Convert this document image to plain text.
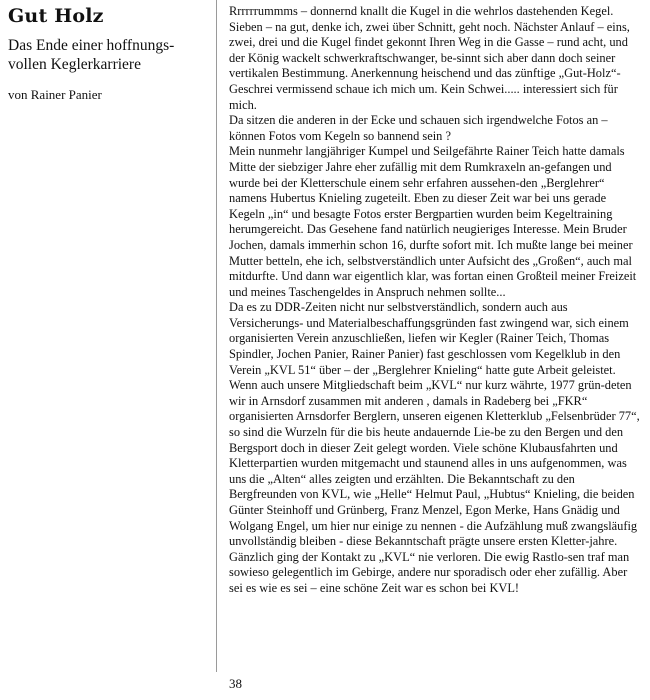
Gut Holz
Das Ende einer hoffnungs-vollen Keglerkarriere

von Rainer Panier

Rrrrrrummms – donnernd knallt die Kugel in die wehrlos dastehenden Kegel. Sieben – na gut, denke ich, zwei über Schnitt, geht noch. Nächster Anlauf – eins, zwei, drei und die Kugel findet gekonnt Ihren Weg in die Gasse – rund acht, und der König wackelt schwerkraftschwanger, be-sinnt sich aber dann doch seiner vertikalen Bestimmung. Anerkennung heischend und das zünftige „Gut-Holz“-Geschrei vermissend schaue ich mich um. Kein Schwei..... interessiert sich für mich.

Da sitzen die anderen in der Ecke und schauen sich irgendwelche Fotos an – können Fotos vom Kegeln so bannend sein ?

Mein nunmehr langjähriger Kumpel und Seilgefährte Rainer Teich hatte damals Mitte der siebziger Jahre eher zufällig mit dem Rumkraxeln an-gefangen und wurde bei der Kletterschule einem sehr erfahren aussehen-den „Berglehrer“ namens Hubertus Knieling zugeteilt. Eben zu dieser Zeit war bei uns gerade Kegeln „in“ und besagte Fotos erster Bergpartien wurden beim Kegeltraining herumgereicht. Das Gesehene fand natürlich neugieriges Interesse. Mein Bruder Jochen, damals immerhin schon 16, durfte sofort mit. Ich mußte lange bei meiner Mutter betteln, ehe ich, selbstverständlich unter Aufsicht des „Großen“, auch mal mitdurfte. Und dann war eigentlich klar, was fortan einen Großteil meiner Freizeit und meines Taschengeldes in Anspruch nehmen sollte...

Da es zu DDR-Zeiten nicht nur selbstverständlich, sondern auch aus Versicherungs- und Materialbeschaffungsgründen fast zwingend war, sich einem organisierten Verein anzuschließen, liefen wir Kegler (Rainer Teich, Thomas Spindler, Jochen Panier, Rainer Panier) fast geschlossen vom Kegelklub in den Verein „KVL 51“ über – der „Berglehrer Knieling“ hatte gute Arbeit geleistet.

Wenn auch unsere Mitgliedschaft beim „KVL“ nur kurz währte, 1977 grün-deten wir in Arnsdorf zusammen mit anderen , damals in Radeberg bei „FKR“ organisierten Arnsdorfer Berglern, unseren eigenen Kletterklub „Felsenbrüder 77“, so sind die Wurzeln für die bis heute andauernde Lie-be zu den Bergen und den Bergsport doch in dieser Zeit gelegt worden. Viele schöne Klubausfahrten und Kletterpartien wurden mitgemacht und staunend alles in uns aufgenommen, was uns die „Alten“ alles zeigten und erzählten. Die Bekanntschaft zu den Bergfreunden von KVL, wie „Helle“ Helmut Paul, „Hubtus“ Knieling, die beiden Günter Steinhoff und Grünberg, Franz Menzel, Egon Merke, Hans Gnädig und Wolgang Engel, um hier nur einige zu nennen - die Aufzählung muß zwangsläufig unvollständig bleiben - diese Bekanntschaft prägte unsere ersten Kletter-jahre. Gänzlich ging der Kontakt zu „KVL“ nie verloren. Die ewig Rastlo-sen traf man sowieso gelegentlich im Gebirge, andere nur sporadisch oder eher zufällig. Aber sei es wie es sei – eine schöne Zeit war es schon bei KVL!

38
